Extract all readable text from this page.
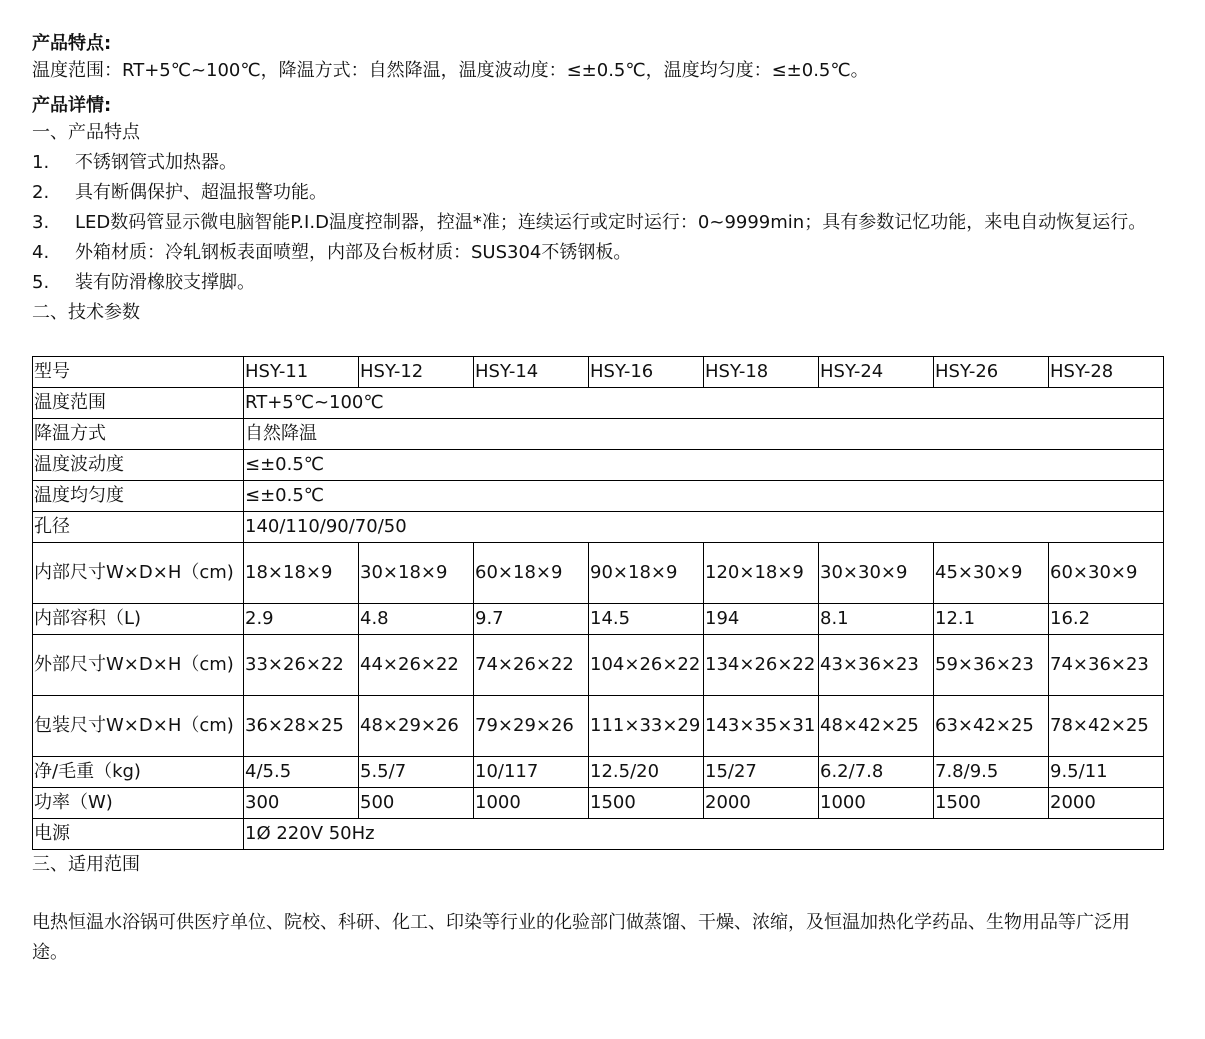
产品特点:
温度范围：RT+5℃~100℃，降温方式：自然降温，温度波动度：≤±0.5℃，温度均匀度：≤±0.5℃。
产品详情:
一、产品特点
1. 不锈钢管式加热器。
2. 具有断偶保护、超温报警功能。
3. LED数码管显示微电脑智能P.I.D温度控制器，控温*准；连续运行或定时运行：0~9999min；具有参数记忆功能，来电自动恢复运行。
4. 外箱材质：冷轧钢板表面喷塑，内部及台板材质：SUS304不锈钢板。
5. 装有防滑橡胶支撑脚。
二、技术参数
型号	HSY-11	HSY-12	HSY-14	HSY-16	HSY-18	HSY-24	HSY-26	HSY-28
温度范围	RT+5℃~100℃							
降温方式	自然降温							
温度波动度	≤±0.5℃							
温度均匀度	≤±0.5℃							
孔径	140/110/90/70/50							
内部尺寸W×D×H（cm)	18×18×9	30×18×9	60×18×9	90×18×9	120×18×9	30×30×9	45×30×9	60×30×9
内部容积（L)	2.9	4.8	9.7	14.5	194	8.1	12.1	16.2
外部尺寸W×D×H（cm)	33×26×22	44×26×22	74×26×22	104×26×22	134×26×22	43×36×23	59×36×23	74×36×23
包装尺寸W×D×H（cm)	36×28×25	48×29×26	79×29×26	111×33×29	143×35×31	48×42×25	63×42×25	78×42×25
净/毛重（kg)	4/5.5	5.5/7	10/117	12.5/20	15/27	6.2/7.8	7.8/9.5	9.5/11
功率（W)	300	500	1000	1500	2000	1000	1500	2000
电源	1Ø 220V 50Hz							
三、适用范围
电热恒温水浴锅可供医疗单位、院校、科研、化工、印染等行业的化验部门做蒸馏、干燥、浓缩，及恒温加热化学药品、生物用品等广泛用途。
